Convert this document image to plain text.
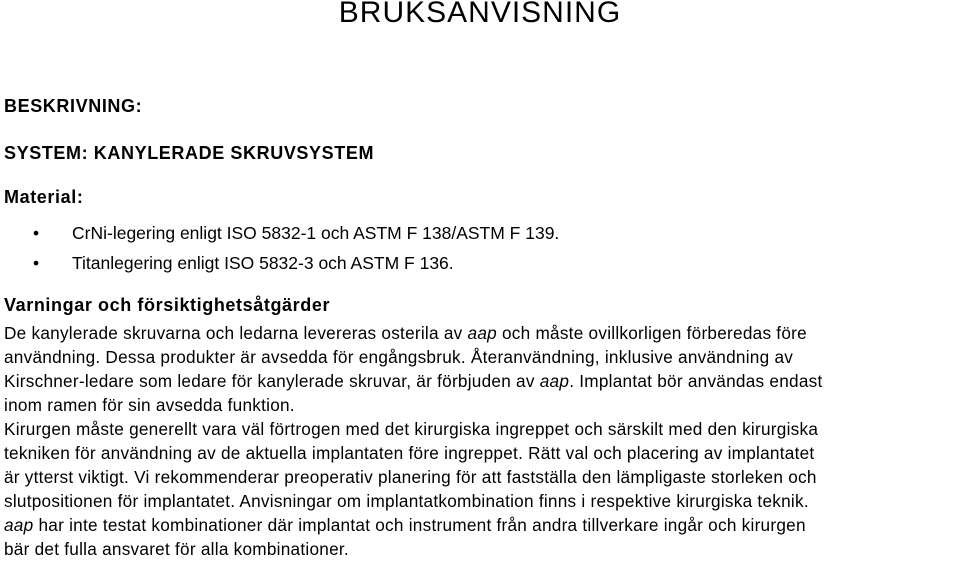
BRUKSANVISNING
BESKRIVNING:
SYSTEM: KANYLERADE SKRUVSYSTEM
Material:
• CrNi-legering enligt ISO 5832-1 och ASTM F 138/ASTM F 139.
• Titanlegering enligt ISO 5832-3 och ASTM F 136.
Varningar och försiktighetsåtgärder
De kanylerade skruvarna och ledarna levereras osterila av aap och måste ovillkorligen förberedas före
användning. Dessa produkter är avsedda för engångsbruk. Återanvändning, inklusive användning av
Kirschner-ledare som ledare för kanylerade skruvar, är förbjuden av aap. Implantat bör användas endast
inom ramen för sin avsedda funktion.
Kirurgen måste generellt vara väl förtrogen med det kirurgiska ingreppet och särskilt med den kirurgiska
tekniken för användning av de aktuella implantaten före ingreppet. Rätt val och placering av implantatet
är ytterst viktigt. Vi rekommenderar preoperativ planering för att fastställa den lämpligaste storleken och
slutpositionen för implantatet. Anvisningar om implantatkombination finns i respektive kirurgiska teknik.
aap har inte testat kombinationer där implantat och instrument från andra tillverkare ingår och kirurgen
bär det fulla ansvaret för alla kombinationer.
